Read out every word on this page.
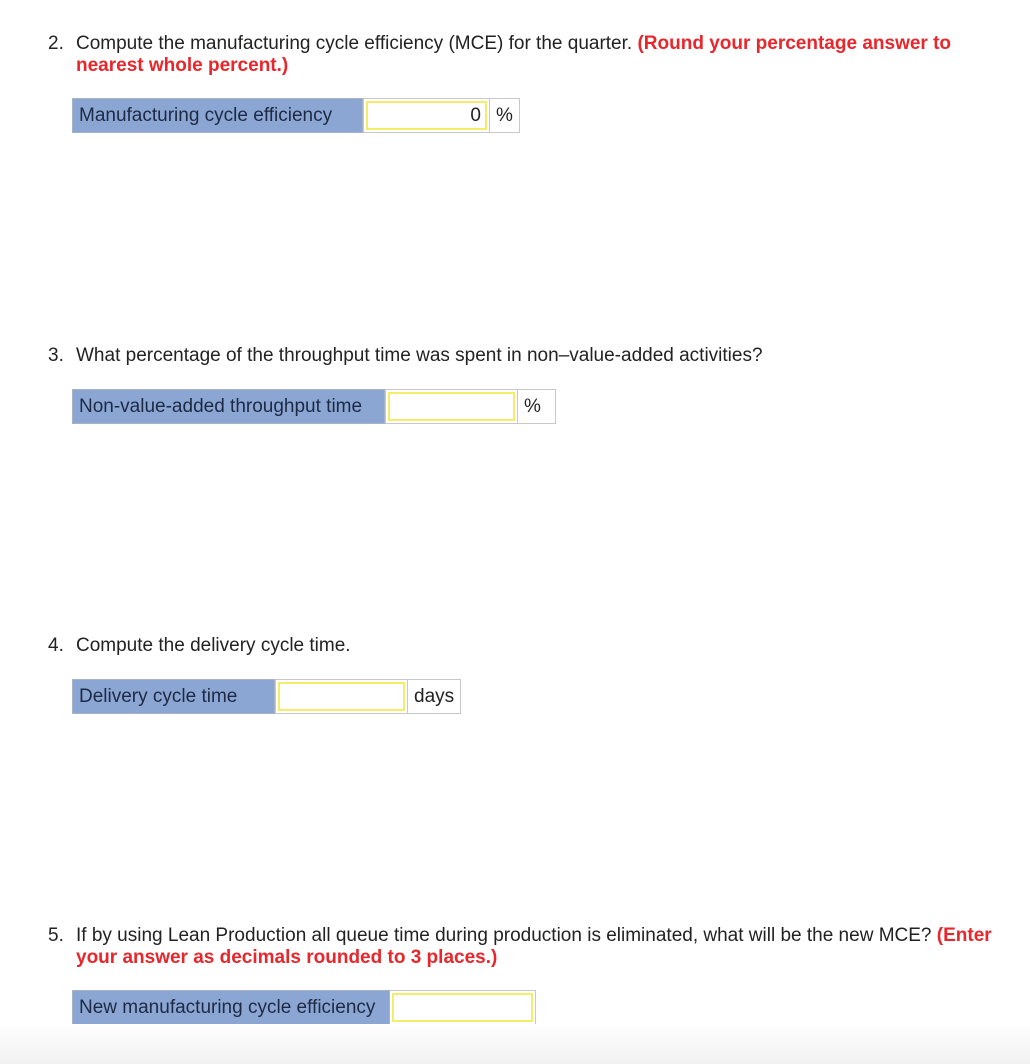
2. Compute the manufacturing cycle efficiency (MCE) for the quarter. (Round your percentage answer to nearest whole percent.)
Manufacturing cycle efficiency
0	%
3. What percentage of the throughput time was spent in non–value-added activities?
Non-value-added throughput time	%
4. Compute the delivery cycle time.
Delivery cycle time	days
5. If by using Lean Production all queue time during production is eliminated, what will be the new MCE? (Enter your answer as decimals rounded to 3 places.)
New manufacturing cycle efficiency
